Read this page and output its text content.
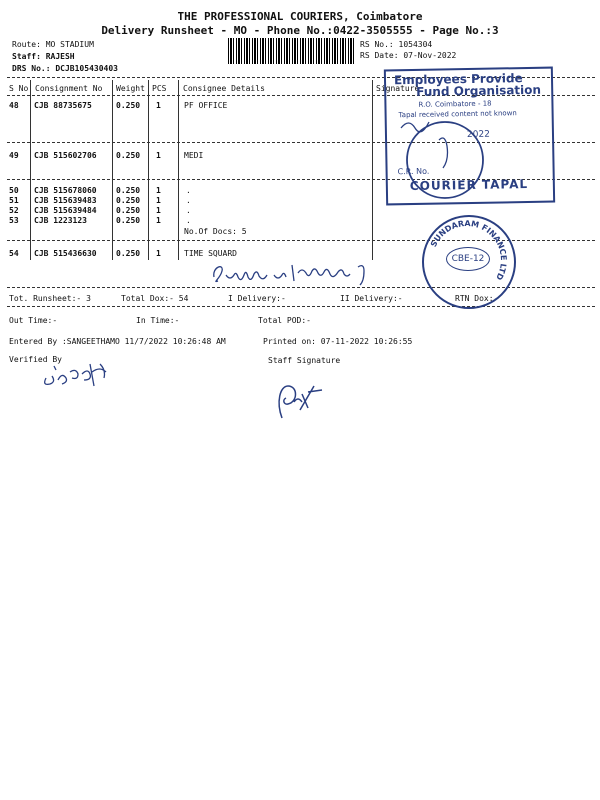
THE PROFESSIONAL COURIERS, Coimbatore
Delivery Runsheet - MO - Phone No.:0422-3505555 - Page No.:3
Route: MO STADIUM
Staff: RAJESH
DRS No.: DCJB105430403
RS No.: 1054304
RS Date: 07-Nov-2022
S No Consignment No Weight PCS Consignee Details	Signature
48 CJB 88735675	0.250 1	PF OFFICE
49 CJB 515602706 0.250 1	MEDI
50 CJB 515678060 0.250 1	.
51 CJB 515639483 0.250 1	.
52 CJB 515639484 0.250 1	.
53 CJB 1223123	0.250 1	.
No.Of Docs: 5
54 CJB 515436630 0.250 1	TIME SQUARD
Tot. Runsheet:- 3	Total Dox:- 54	I Delivery:-	II Delivery:-	RTN Dox:-
Out Time:-	In Time:-	Total POD:-
Entered By :SANGEETHAMO 11/7/2022 10:26:48 AM	Printed on: 07-11-2022 10:26:55
Verified By	Staff Signature
Employees Provide
Fund Organisation
R.O. Coimbatore - 18
Tapal received content not known
2022
C.R. No.
COURIER TAPAL
SUNDARAM FINANCE LTD
CBE-12
